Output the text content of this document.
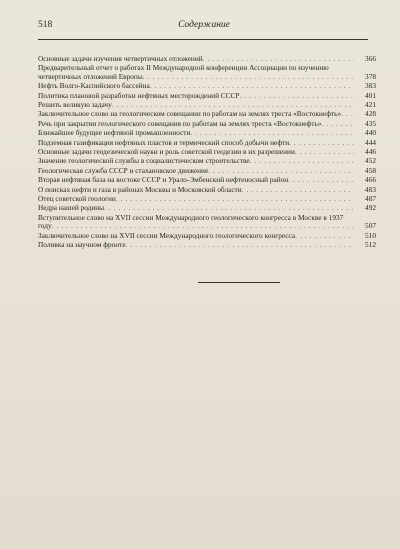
518	Содержание
Основные задачи изучения четвертичных отложений . . .	366
Предварительный отчет о работах II Международной конференции Ассоциации по изучению четвертичных отложений Европы . . .	378
Нефть Волго-Каспийского бассейна . . .	383
Политика плановой разработки нефтяных месторождений СССР . . .	401
Решить великую задачу . . .	421
Заключительное слово на геологическом совещании по работам на землях треста «Востокнефть» . . .	428
Речь при закрытии геологического совещания по работам на землях треста «Востокнефть» . . .	435
Ближайшее будущее нефтяной промышленности . . .	440
Подземная газификация нефтяных пластов и термический способ добычи нефти . . .	444
Основные задачи геодезической науки и роль советской геодезии в их разрешении . . .	446
Значение геологической службы в социалистическом строительстве . . .	452
Геологическая служба СССР и стахановское движение . . .	458
Вторая нефтяная база на востоке СССР и Урало-Эмбенский нефтеносный район . . .	466
О поисках нефти и газа в районах Москвы и Московской области . . .	483
Отец советской геологии . . .	487
Недра нашей родины . . .	492
Вступительное слово на XVII сессии Международного геологического конгресса в Москве в 1937 году . . .	507
Заключительное слово на XVII сессии Международного геологического конгресса . . .	510
Поливка на научном фронте . . .	512
